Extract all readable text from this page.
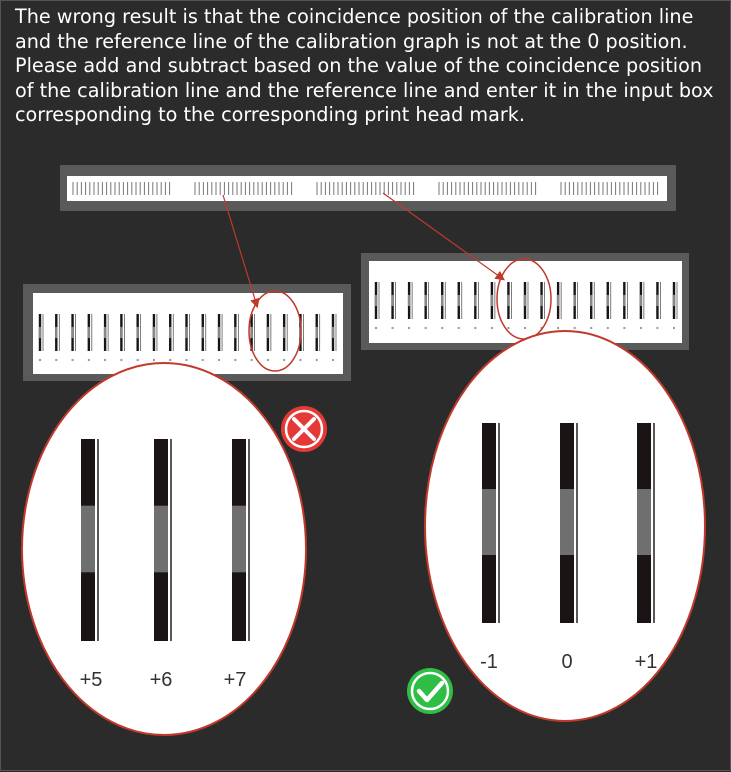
The wrong result is that the coincidence position of the calibration line and the reference line of the calibration graph is not at the 0 position. Please add and subtract based on the value of the coincidence position of the calibration line and the reference line and enter it in the input box corresponding to the corresponding print head mark.

+5 +6	+7
-1	0	+1
